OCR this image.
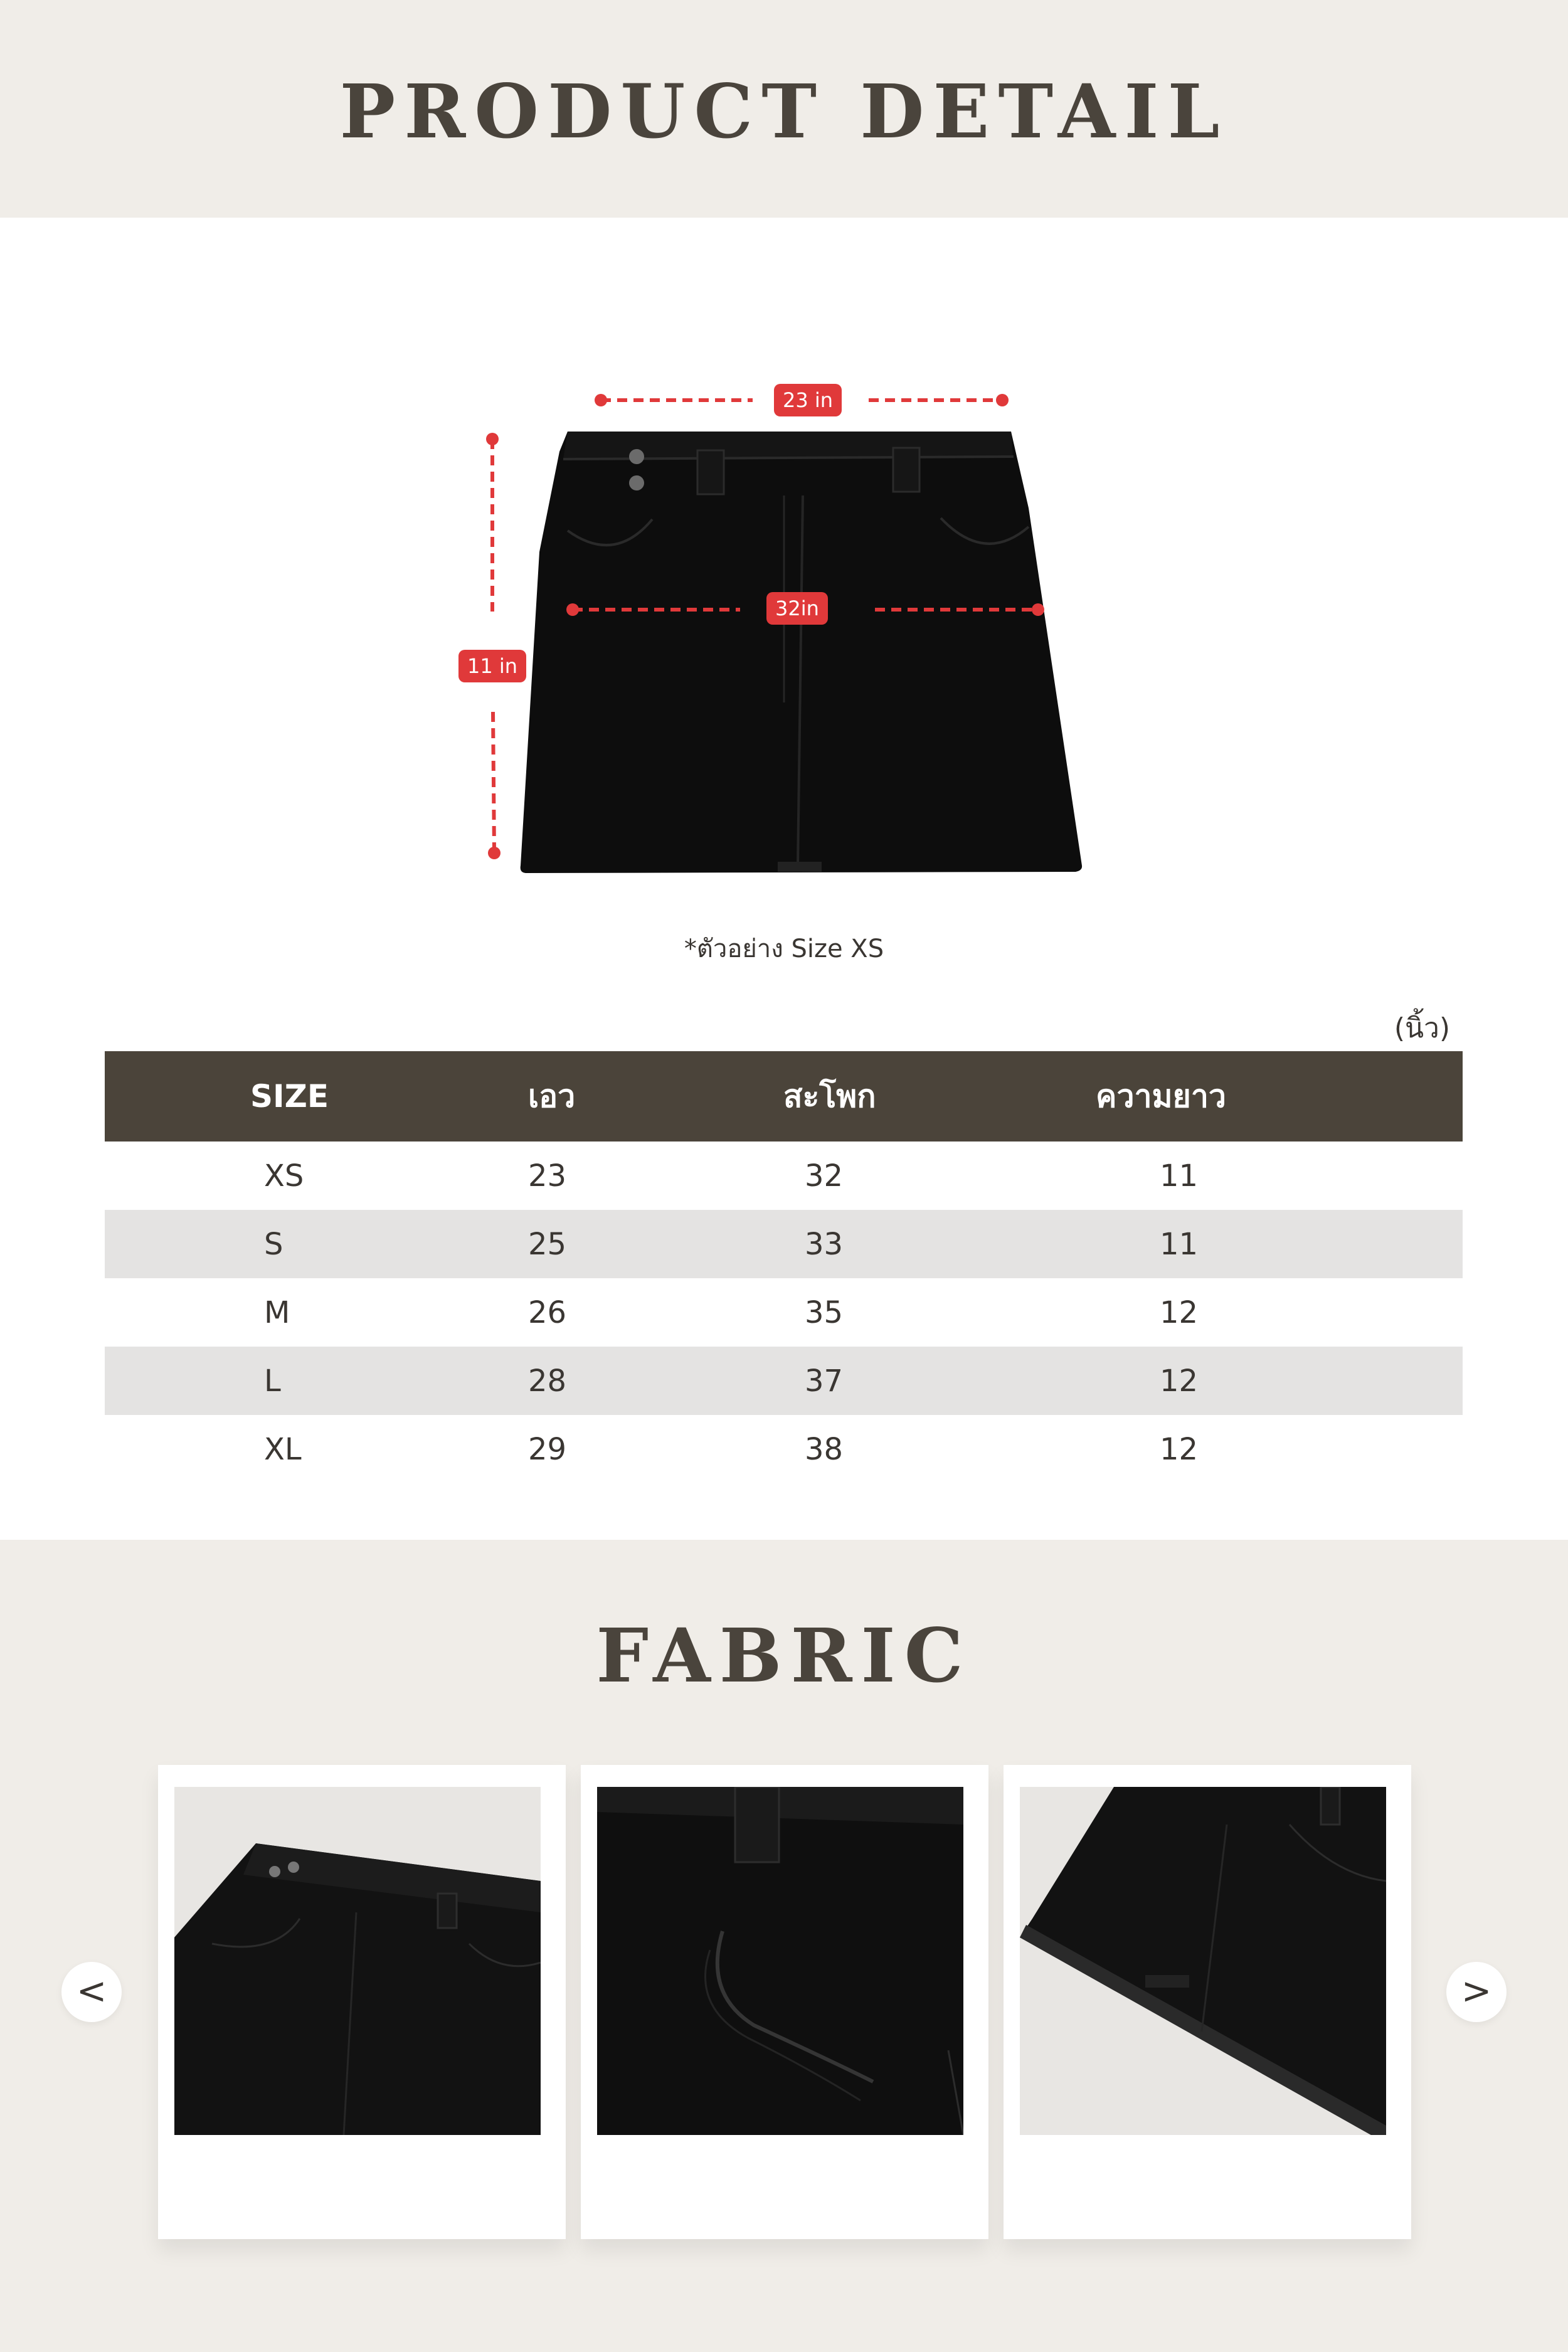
PRODUCT DETAIL
23 in
32in
11 in
*ตัวอย่าง Size XS
(นิ้ว)
SIZE	เอว	สะโพก	ความยาว
XS	23	32	11
S	25	33	11
M	26	35	12
L	28	37	12
XL	29	38	12
FABRIC
<	>
